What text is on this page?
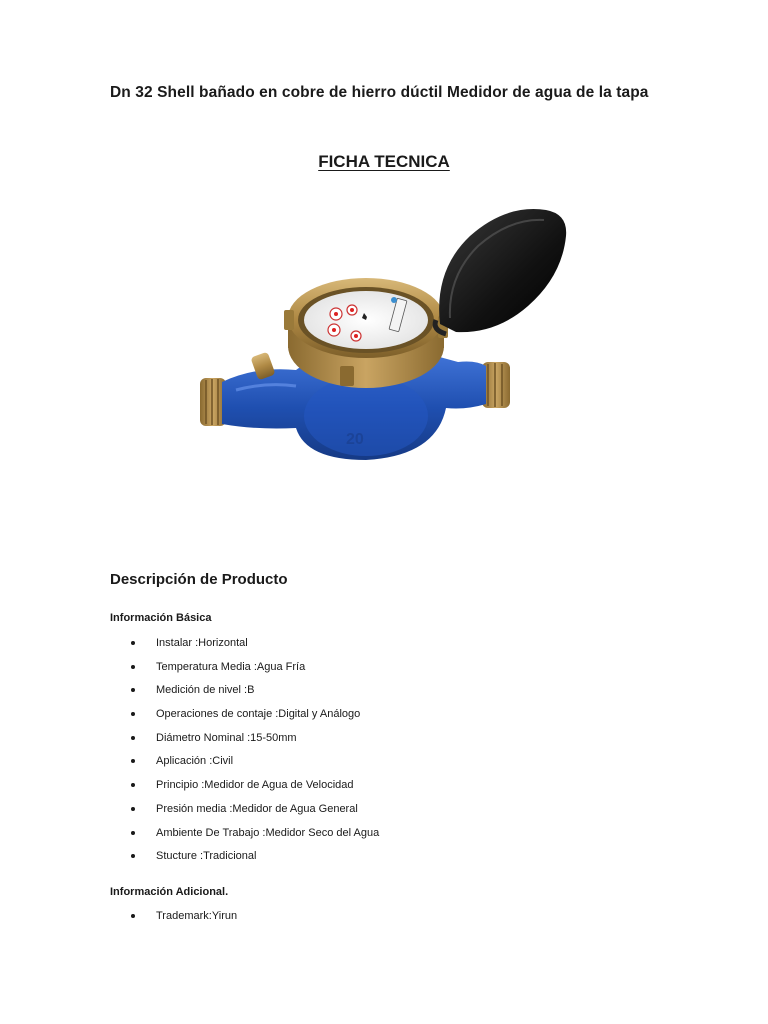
Dn 32 Shell bañado en cobre de hierro dúctil Medidor de agua de la tapa
FICHA TECNICA
20
Descripción de Producto
Información Básica
Instalar :Horizontal
Temperatura Media :Agua Fría
Medición de nivel :B
Operaciones de contaje :Digital y Análogo
Diámetro Nominal :15-50mm
Aplicación :Civil
Principio :Medidor de Agua de Velocidad
Presión media :Medidor de Agua General
Ambiente De Trabajo :Medidor Seco del Agua
Stucture :Tradicional
Información Adicional.
Trademark:Yirun
